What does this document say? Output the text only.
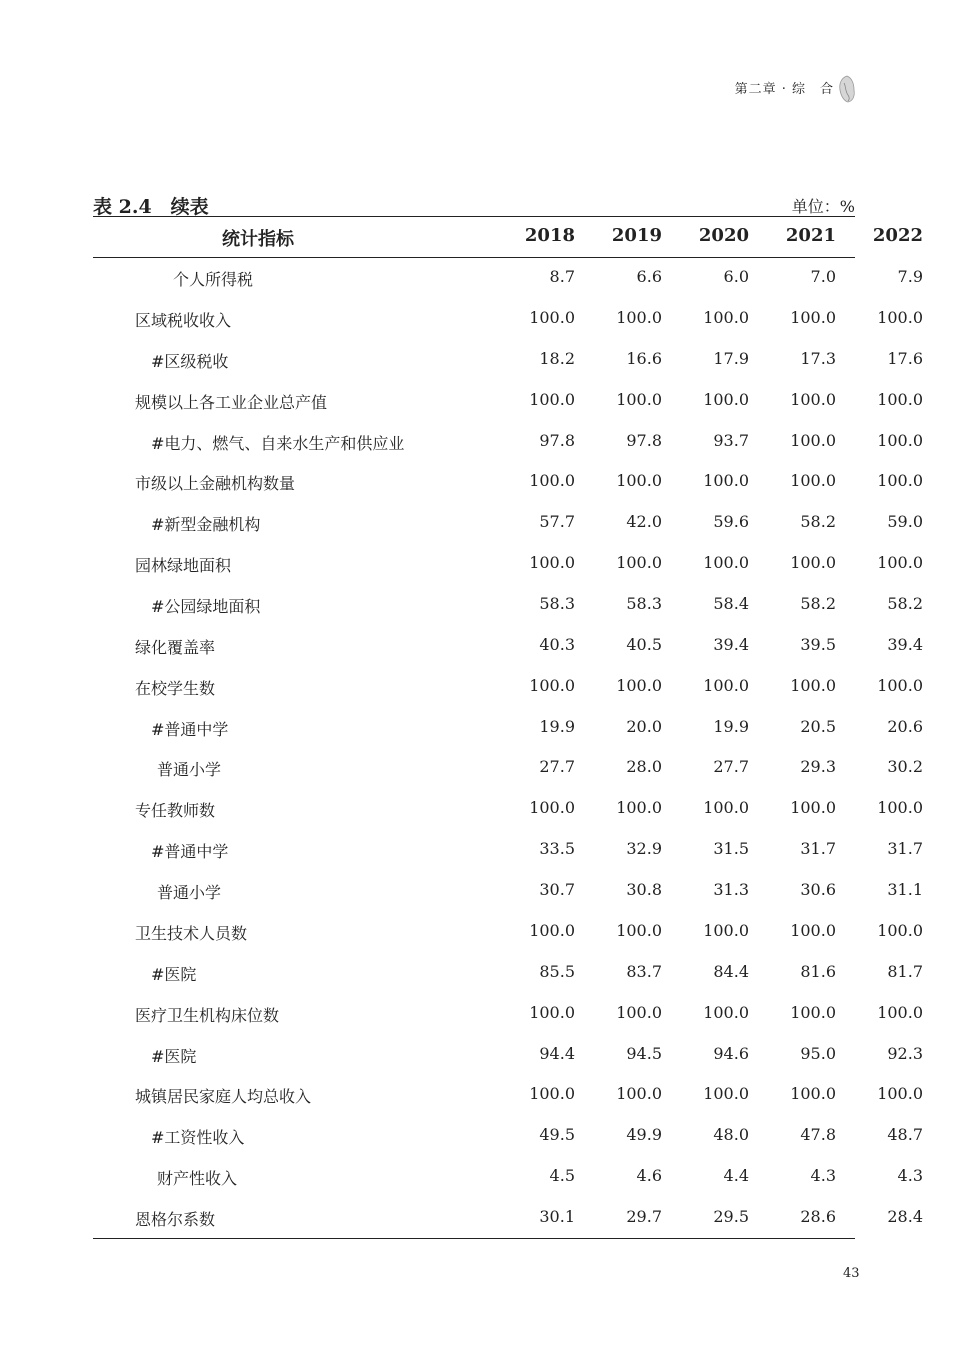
第二章 · 综　合
表 2.4　续表	单位：%
统计指标	2018	2019	2020	2021	2022
个人所得税	8.7	6.6	6.0	7.0	7.9
区域税收收入	100.0	100.0	100.0	100.0	100.0
#区级税收	18.2	16.6	17.9	17.3	17.6
规模以上各工业企业总产值	100.0	100.0	100.0	100.0	100.0
#电力、燃气、自来水生产和供应业	97.8	97.8	93.7	100.0	100.0
市级以上金融机构数量	100.0	100.0	100.0	100.0	100.0
#新型金融机构	57.7	42.0	59.6	58.2	59.0
园林绿地面积	100.0	100.0	100.0	100.0	100.0
#公园绿地面积	58.3	58.3	58.4	58.2	58.2
绿化覆盖率	40.3	40.5	39.4	39.5	39.4
在校学生数	100.0	100.0	100.0	100.0	100.0
#普通中学	19.9	20.0	19.9	20.5	20.6
普通小学	27.7	28.0	27.7	29.3	30.2
专任教师数	100.0	100.0	100.0	100.0	100.0
#普通中学	33.5	32.9	31.5	31.7	31.7
普通小学	30.7	30.8	31.3	30.6	31.1
卫生技术人员数	100.0	100.0	100.0	100.0	100.0
#医院	85.5	83.7	84.4	81.6	81.7
医疗卫生机构床位数	100.0	100.0	100.0	100.0	100.0
#医院	94.4	94.5	94.6	95.0	92.3
城镇居民家庭人均总收入	100.0	100.0	100.0	100.0	100.0
#工资性收入	49.5	49.9	48.0	47.8	48.7
财产性收入	4.5	4.6	4.4	4.3	4.3
恩格尔系数	30.1	29.7	29.5	28.6	28.4
43
